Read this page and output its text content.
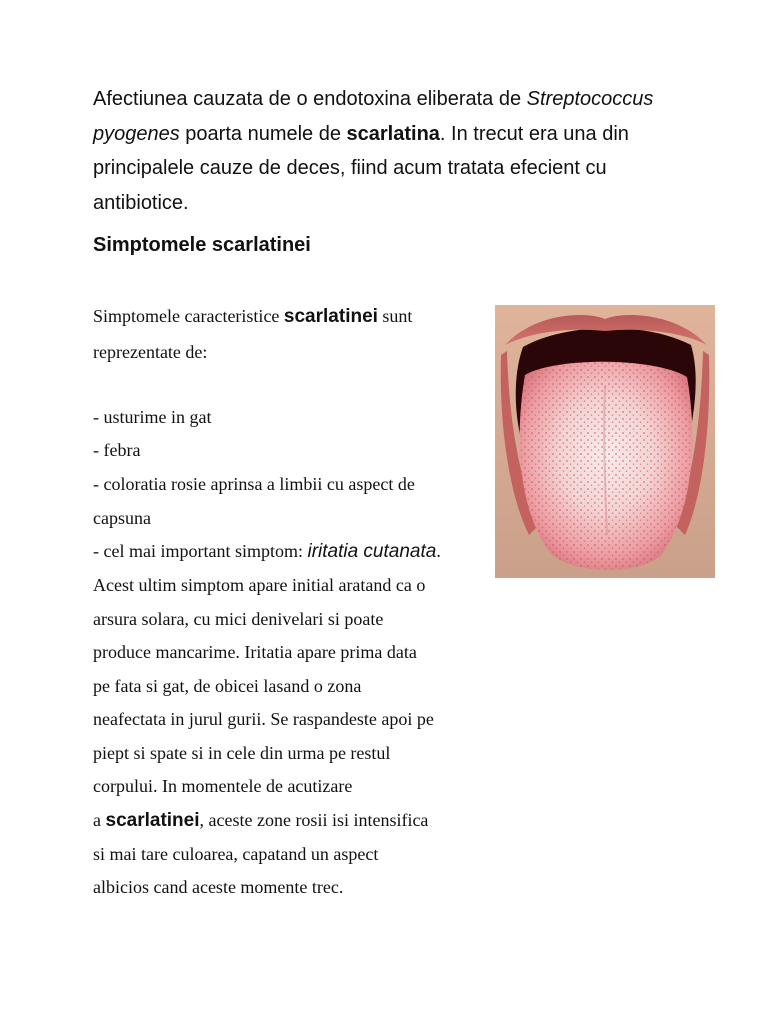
Afectiunea cauzata de o endotoxina eliberata de Streptococcus pyogenes poarta numele de scarlatina. In trecut era una din principalele cauze de deces, fiind acum tratata efecient cu antibiotice.

Simptomele scarlatinei

Simptomele caracteristice scarlatinei sunt

reprezentate de:

- usturime in gat

- febra

- coloratia rosie aprinsa a limbii cu aspect de

capsuna

- cel mai important simptom: iritatia cutanata.

Acest ultim simptom apare initial aratand ca o

arsura solara, cu mici denivelari si poate

produce mancarime. Iritatia apare prima data

pe fata si gat, de obicei lasand o zona

neafectata in jurul gurii. Se raspandeste apoi pe

piept si spate si in cele din urma pe restul

corpului. In momentele de acutizare

a scarlatinei, aceste zone rosii isi intensifica

si mai tare culoarea, capatand un aspect

albicios cand aceste momente trec.
